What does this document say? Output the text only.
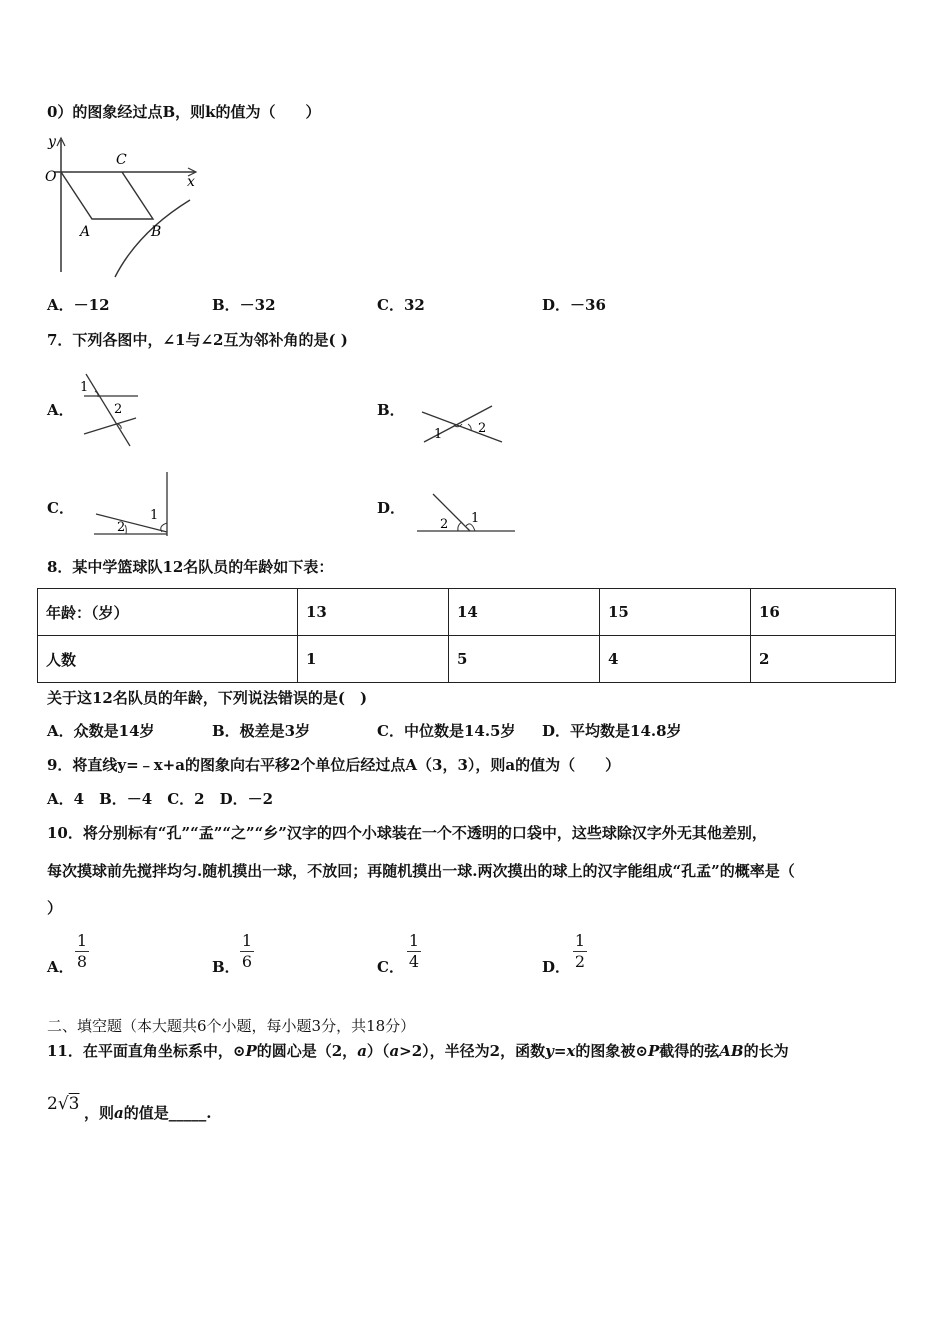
0）的图象经过点B，则k的值为（　　）
y
x
O
A	B
C
A．－12	B．－32	C．32	D．－36
7．下列各图中，∠1与∠2互为邻补角的是( )
A．
1
2	B．
1	2
C．
2
1	D．
2 1
8．某中学篮球队12名队员的年龄如下表：
年龄：（岁）	13	14	15	16
人数	1	5	4	2
关于这12名队员的年龄，下列说法错误的是(　)
A．众数是14岁	B．极差是3岁	C．中位数是14.5岁 D．平均数是14.8岁
9．将直线y=﹣x+a的图象向右平移2个单位后经过点A（3，3），则a的值为（　　）
A．4　B．－4　C．2　D．－2
10．将分别标有“孔”“孟”“之”“乡”汉字的四个小球装在一个不透明的口袋中，这些球除汉字外无其他差别，
每次摸球前先搅拌均匀.随机摸出一球，不放回；再随机摸出一球.两次摸出的球上的汉字能组成“孔孟”的概率是（
）
A．
1
8	B．
1
6	C．
1
4	D．
1
2
二、填空题（本大题共6个小题，每小题3分，共18分）
11．在平面直角坐标系中，⊙P的圆心是（2，a）（a>2），半径为2，函数y=x的图象被⊙P截得的弦AB的长为
2√3 ，则a的值是_____.
